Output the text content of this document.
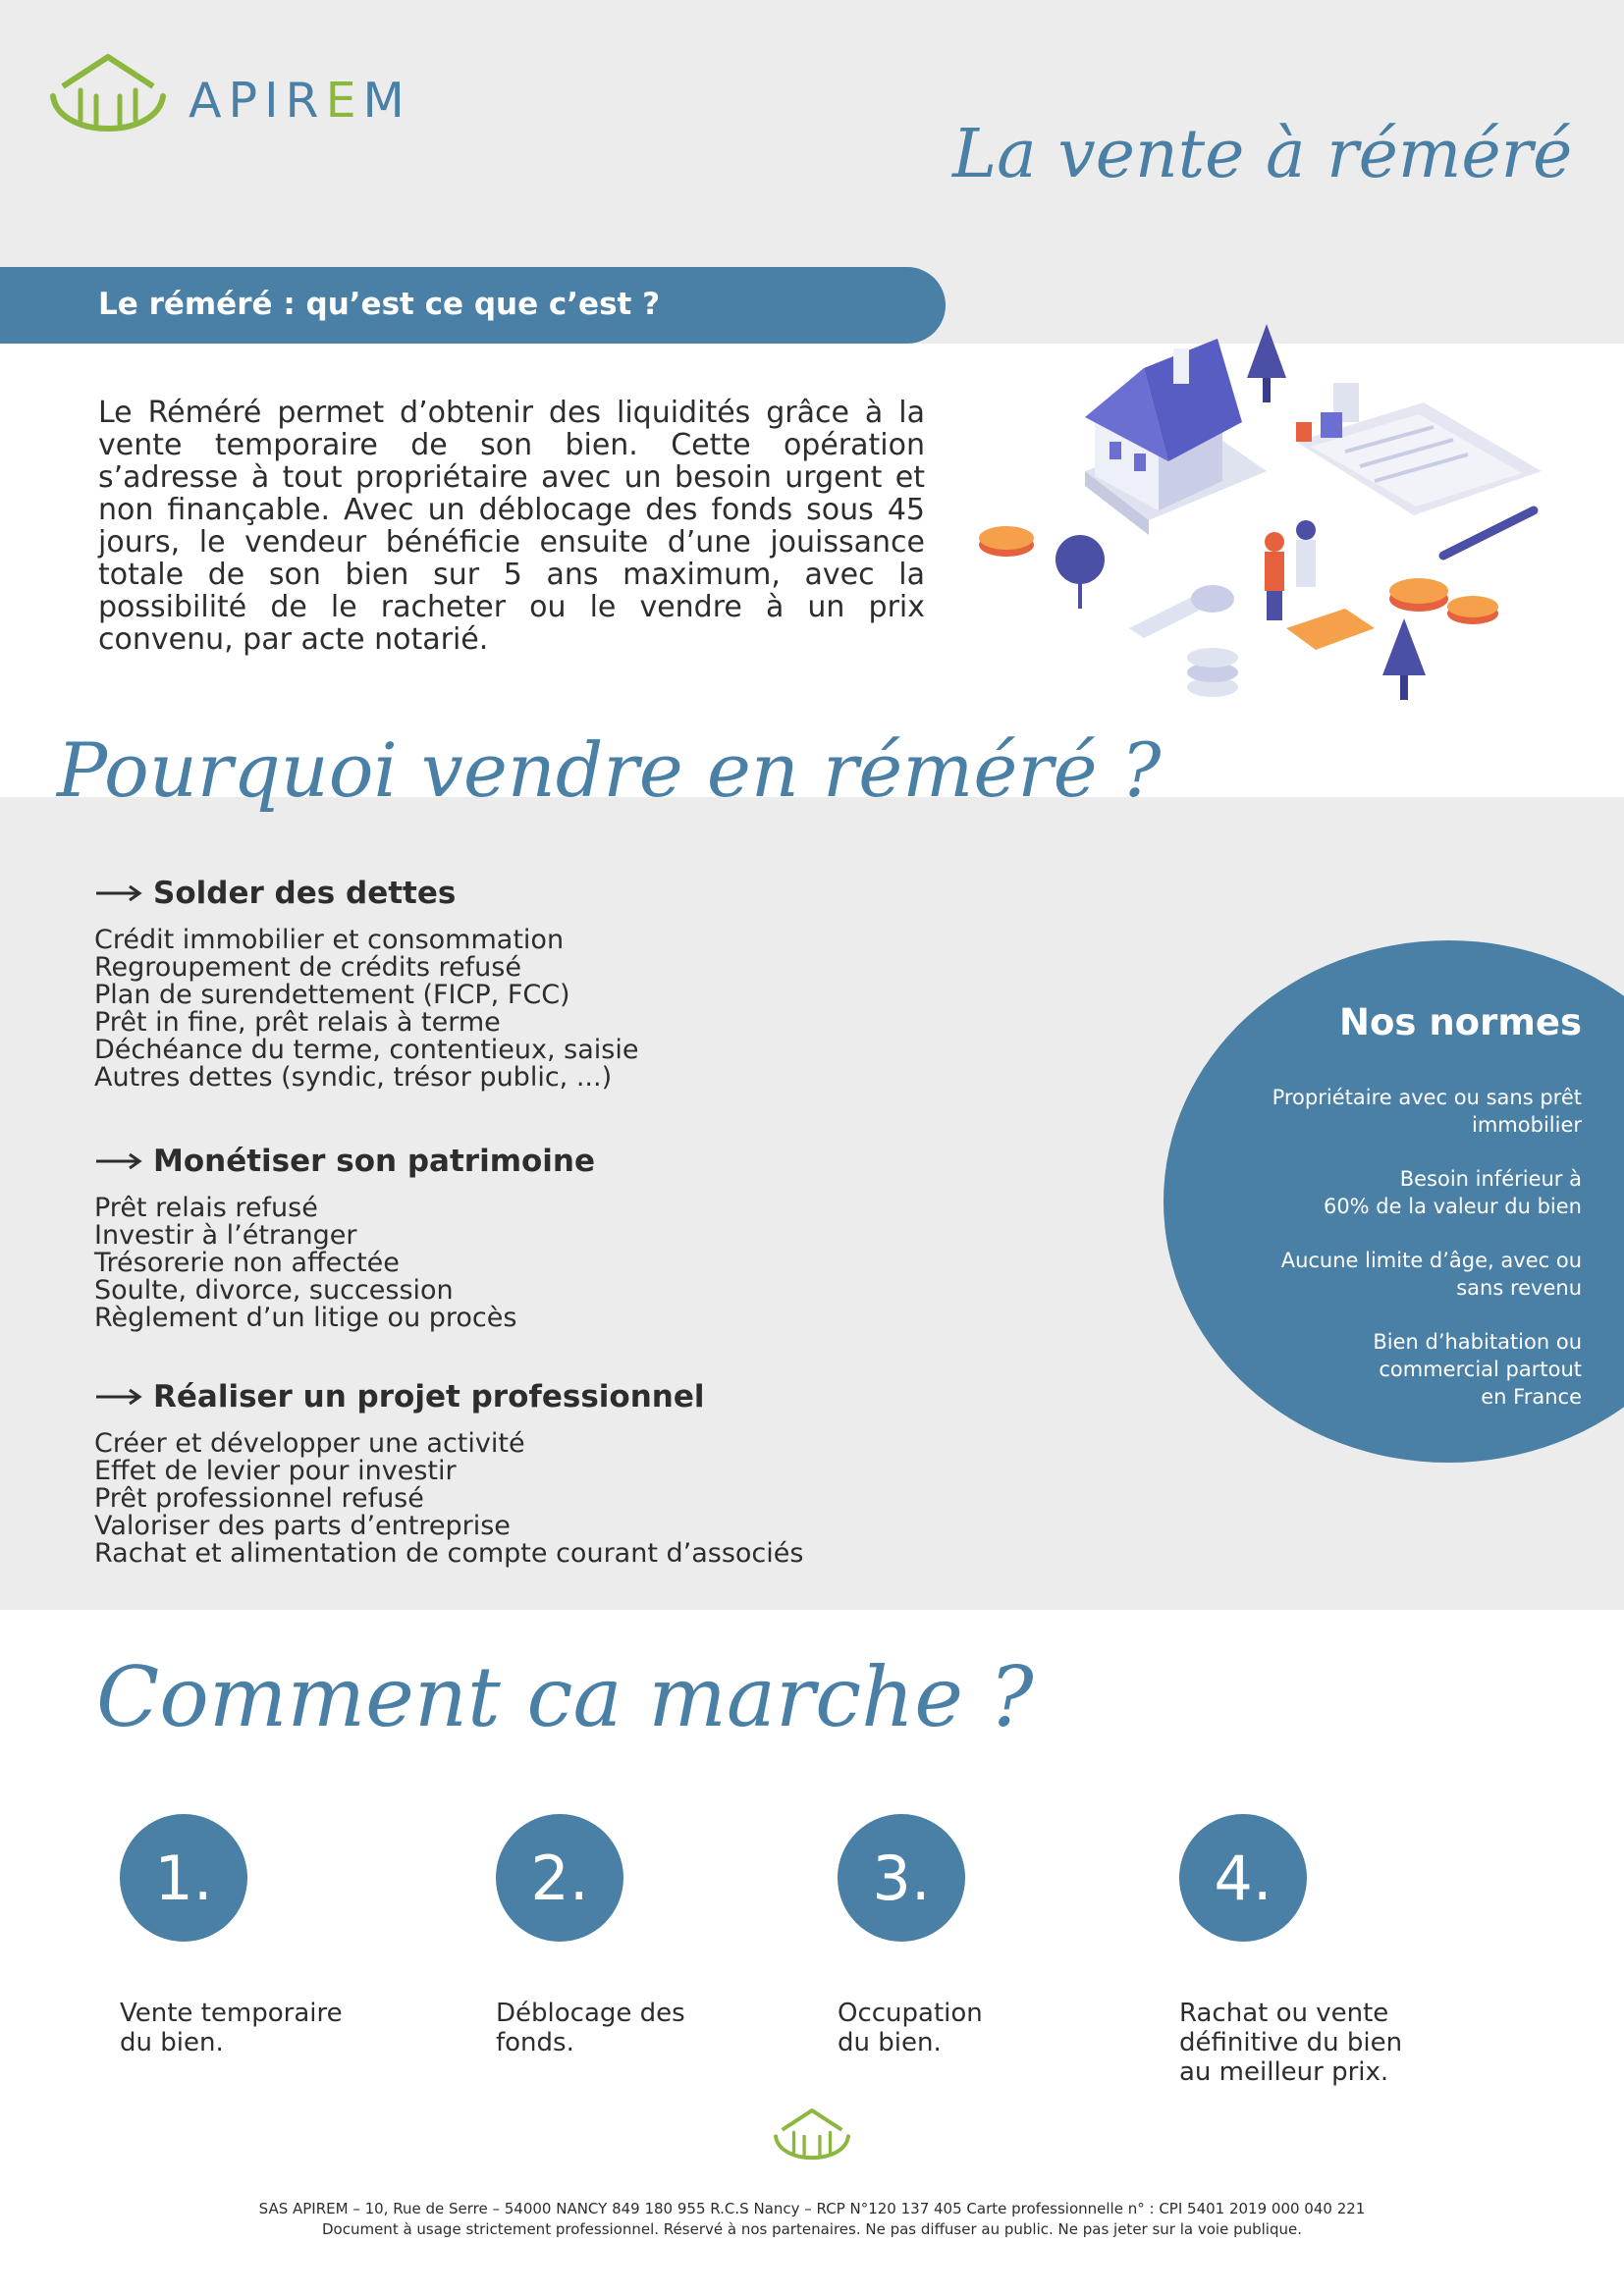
APIREM
La vente à réméré
Le réméré : qu’est ce que c’est ?

Le Réméré permet d’obtenir des liquidités grâce à la vente temporaire de son bien. Cette opération s’adresse à tout propriétaire avec un besoin urgent et non finançable. Avec un déblocage des fonds sous 45 jours, le vendeur bénéficie ensuite d’une jouissance totale de son bien sur 5 ans maximum, avec la possibilité de le racheter ou le vendre à un prix convenu, par acte notarié.

Pourquoi vendre en réméré ?
Solder des dettes
Crédit immobilier et consommation
Regroupement de crédits refusé
Plan de surendettement (FICP, FCC)
Prêt in fine, prêt relais à terme
Déchéance du terme, contentieux, saisie
Autres dettes (syndic, trésor public, ...)
Monétiser son patrimoine
Prêt relais refusé
Investir à l’étranger
Trésorerie non affectée
Soulte, divorce, succession
Règlement d’un litige ou procès
Réaliser un projet professionnel
Créer et développer une activité
Effet de levier pour investir
Prêt professionnel refusé
Valoriser des parts d’entreprise
Rachat et alimentation de compte courant d’associés
Nos normes
Propriétaire avec ou sans prêt
immobilier
Besoin inférieur à
60% de la valeur du bien
Aucune limite d’âge, avec ou
sans revenu
Bien d’habitation ou
commercial partout
en France
Comment ca marche ?
1.
Vente temporaire
du bien.
2.
Déblocage des
fonds.
3.
Occupation
du bien.
4.
Rachat ou vente
définitive du bien
au meilleur prix.
SAS APIREM – 10, Rue de Serre – 54000 NANCY 849 180 955 R.C.S Nancy – RCP N°120 137 405 Carte professionnelle n° : CPI 5401 2019 000 040 221
Document à usage strictement professionnel. Réservé à nos partenaires. Ne pas diffuser au public. Ne pas jeter sur la voie publique.
